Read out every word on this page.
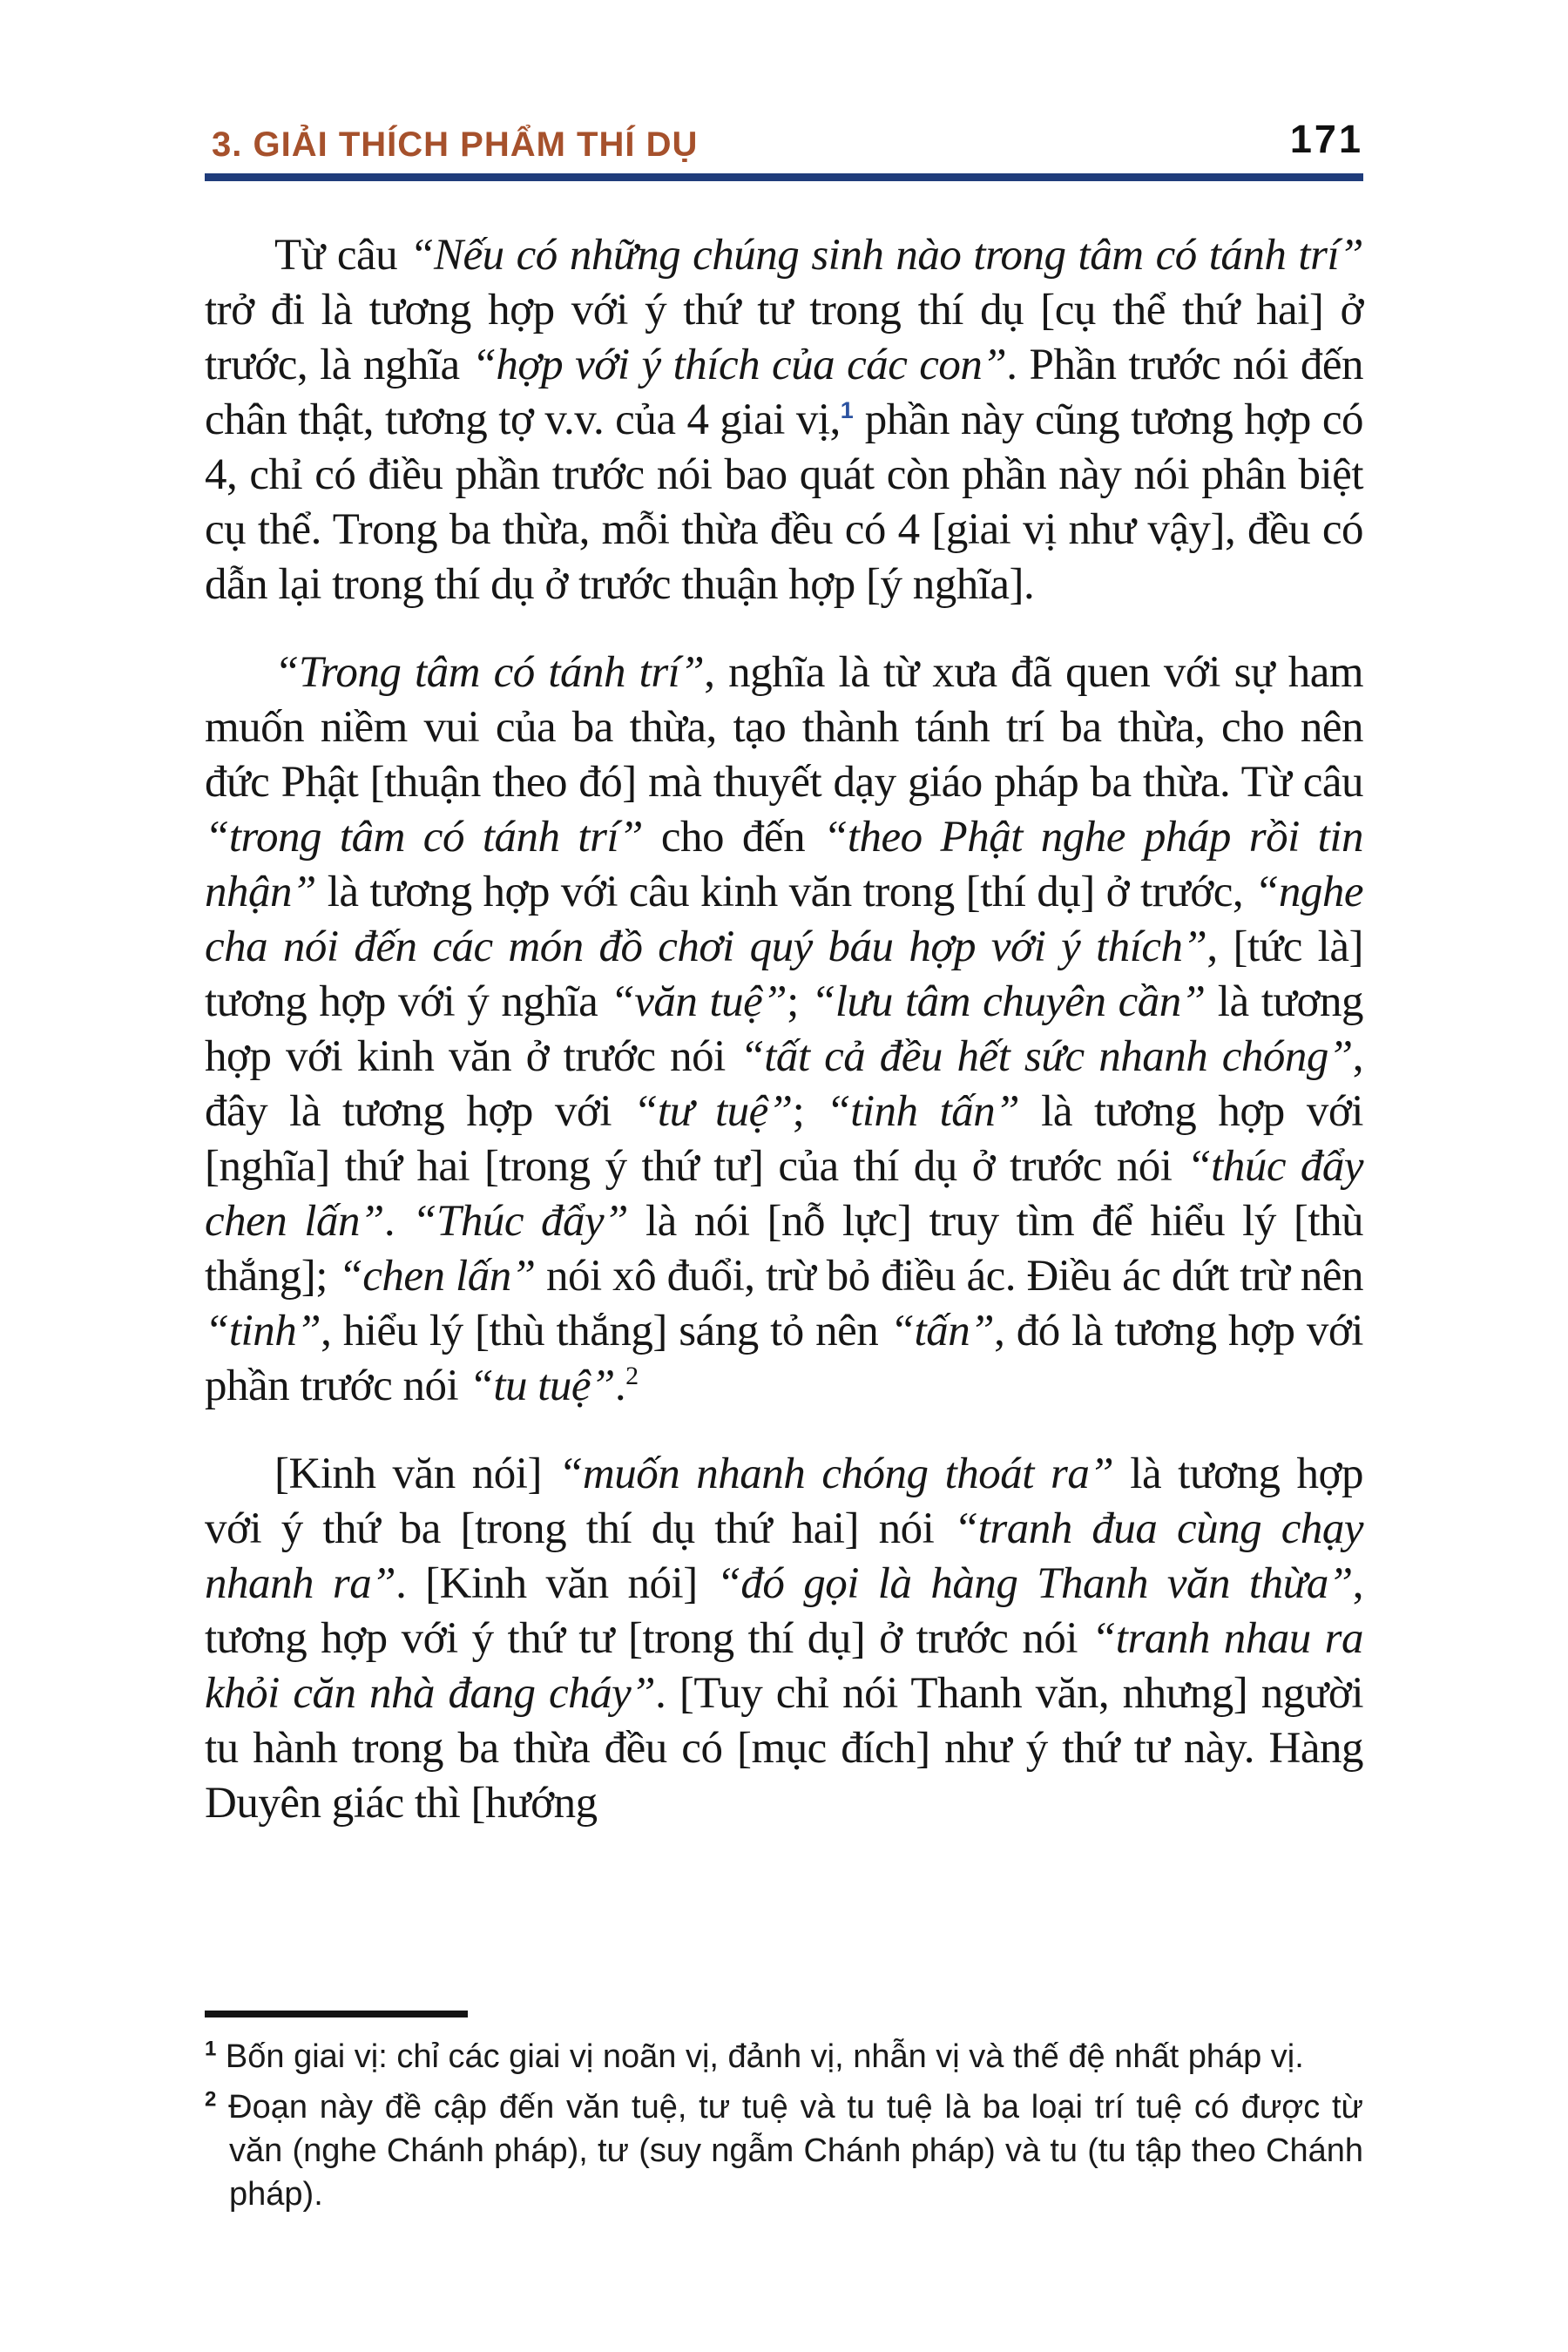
3. GIẢI THÍCH PHẨM THÍ DỤ	171

Từ câu “Nếu có những chúng sinh nào trong tâm có tánh trí” trở đi là tương hợp với ý thứ tư trong thí dụ [cụ thể thứ hai] ở trước, là nghĩa “hợp với ý thích của các con”. Phần trước nói đến chân thật, tương tợ v.v. của 4 giai vị,$^1$ phần này cũng tương hợp có 4, chỉ có điều phần trước nói bao quát còn phần này nói phân biệt cụ thể. Trong ba thừa, mỗi thừa đều có 4 [giai vị như vậy], đều có dẫn lại trong thí dụ ở trước thuận hợp [ý nghĩa].

“Trong tâm có tánh trí”, nghĩa là từ xưa đã quen với sự ham muốn niềm vui của ba thừa, tạo thành tánh trí ba thừa, cho nên đức Phật [thuận theo đó] mà thuyết dạy giáo pháp ba thừa. Từ câu “trong tâm có tánh trí” cho đến “theo Phật nghe pháp rồi tin nhận” là tương hợp với câu kinh văn trong [thí dụ] ở trước, “nghe cha nói đến các món đồ chơi quý báu hợp với ý thích”, [tức là] tương hợp với ý nghĩa “văn tuệ”; “lưu tâm chuyên cần” là tương hợp với kinh văn ở trước nói “tất cả đều hết sức nhanh chóng”, đây là tương hợp với “tư tuệ”; “tinh tấn” là tương hợp với [nghĩa] thứ hai [trong ý thứ tư] của thí dụ ở trước nói “thúc đẩy chen lấn”. “Thúc đẩy” là nói [nỗ lực] truy tìm để hiểu lý [thù thắng]; “chen lấn” nói xô đuổi, trừ bỏ điều ác. Điều ác dứt trừ nên “tinh”, hiểu lý [thù thắng] sáng tỏ nên “tấn”, đó là tương hợp với phần trước nói “tu tuệ”.$^2$

[Kinh văn nói] “muốn nhanh chóng thoát ra” là tương hợp với ý thứ ba [trong thí dụ thứ hai] nói “tranh đua cùng chạy nhanh ra”. [Kinh văn nói] “đó gọi là hàng Thanh văn thừa”, tương hợp với ý thứ tư [trong thí dụ] ở trước nói “tranh nhau ra khỏi căn nhà đang cháy”. [Tuy chỉ nói Thanh văn, nhưng] người tu hành trong ba thừa đều có [mục đích] như ý thứ tư này. Hàng Duyên giác thì [hướng

$^1$ Bốn giai vị: chỉ các giai vị noãn vị, đảnh vị, nhẫn vị và thế đệ nhất pháp vị.

$^2$ Đoạn này đề cập đến văn tuệ, tư tuệ và tu tuệ là ba loại trí tuệ có được từ văn (nghe Chánh pháp), tư (suy ngẫm Chánh pháp) và tu (tu tập theo Chánh pháp).
